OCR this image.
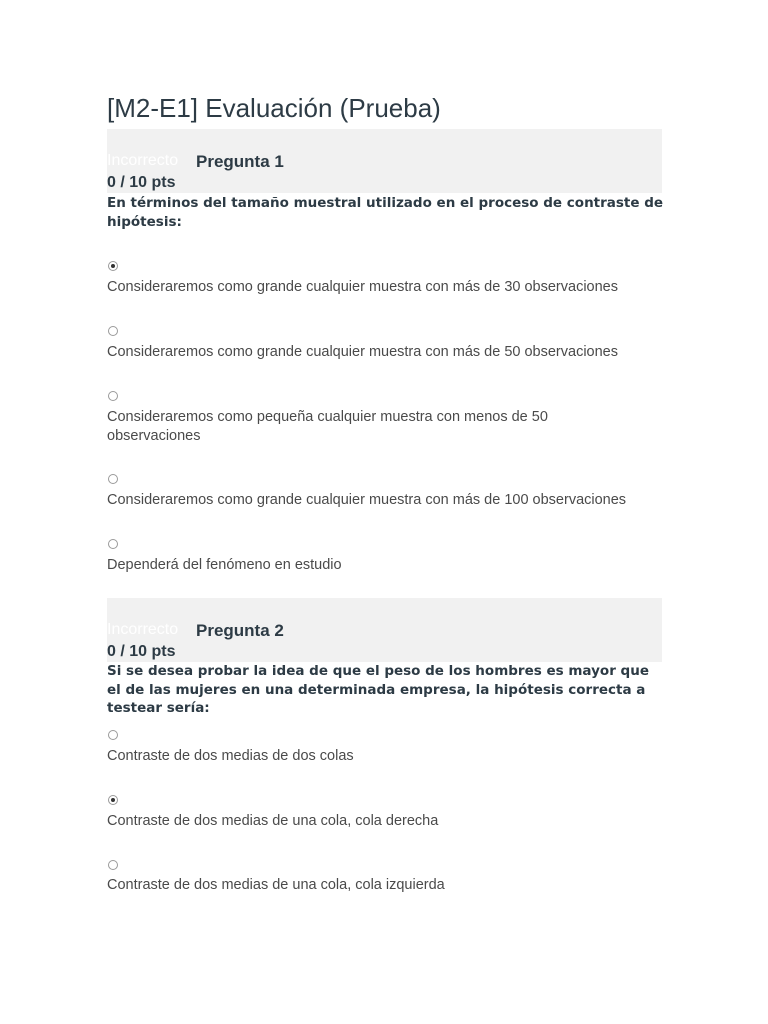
[M2-E1] Evaluación (Prueba)
Incorrecto Pregunta 1
0 / 10 pts
En términos del tamaño muestral utilizado en el proceso de contraste de hipótesis:
Consideraremos como grande cualquier muestra con más de 30 observaciones
Consideraremos como grande cualquier muestra con más de 50 observaciones
Consideraremos como pequeña cualquier muestra con menos de 50 observaciones
Consideraremos como grande cualquier muestra con más de 100 observaciones
Dependerá del fenómeno en estudio
Incorrecto Pregunta 2
0 / 10 pts
Si se desea probar la idea de que el peso de los hombres es mayor que el de las mujeres en una determinada empresa, la hipótesis correcta a testear sería:
Contraste de dos medias de dos colas
Contraste de dos medias de una cola, cola derecha
Contraste de dos medias de una cola, cola izquierda
